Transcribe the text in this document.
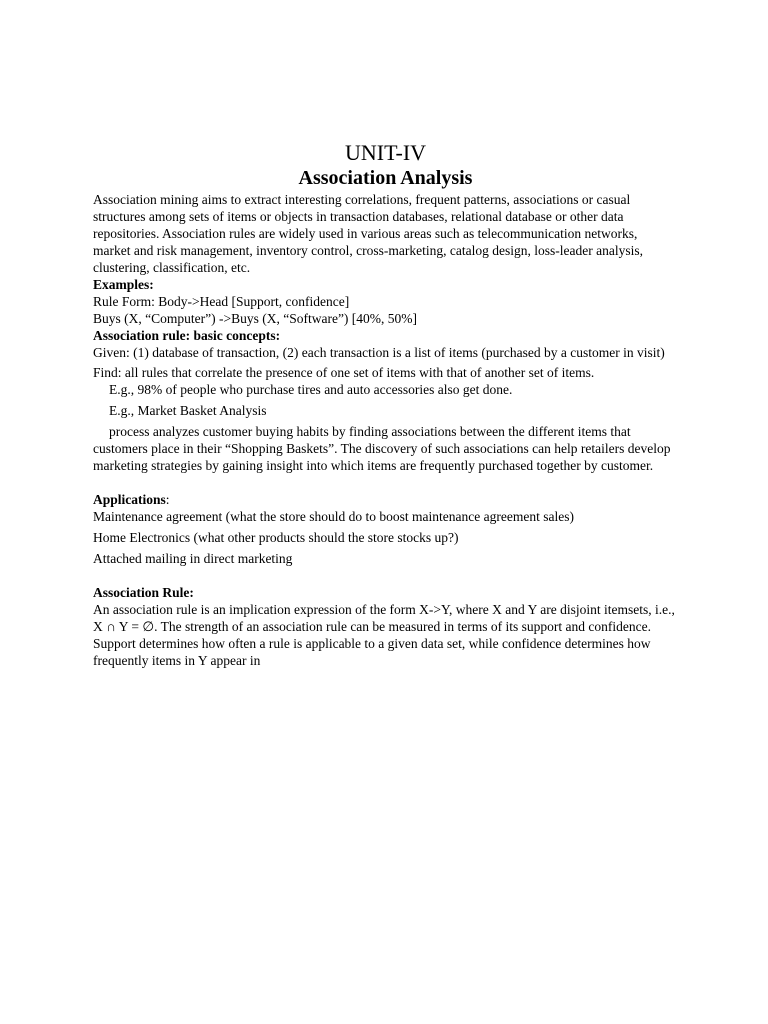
UNIT-IV
Association Analysis

Association mining aims to extract interesting correlations, frequent patterns, associations or casual structures among sets of items or objects in transaction databases, relational database or other data repositories. Association rules are widely used in various areas such as telecommunication networks, market and risk management, inventory control, cross-marketing, catalog design, loss-leader analysis, clustering, classification, etc.

Examples:

Rule Form: Body->Head [Support, confidence]

Buys (X, “Computer”) ->Buys (X, “Software”) [40%, 50%]

Association rule: basic concepts:

Given: (1) database of transaction, (2) each transaction is a list of items (purchased by a customer in visit)

Find: all rules that correlate the presence of one set of items with that of another set of items.

E.g., 98% of people who purchase tires and auto accessories also get done.

E.g., Market Basket Analysis

process analyzes customer buying habits by finding associations between the different items that customers place in their “Shopping Baskets”. The discovery of such associations can help retailers develop marketing strategies by gaining insight into which items are frequently purchased together by customer.

Applications:

Maintenance agreement (what the store should do to boost maintenance agreement sales)

Home Electronics (what other products should the store stocks up?)

Attached mailing in direct marketing

Association Rule:

An association rule is an implication expression of the form X->Y, where X and Y are disjoint itemsets, i.e., X ∩ Y = ∅. The strength of an association rule can be measured in terms of its support and confidence. Support determines how often a rule is applicable to a given data set, while confidence determines how frequently items in Y appear in
